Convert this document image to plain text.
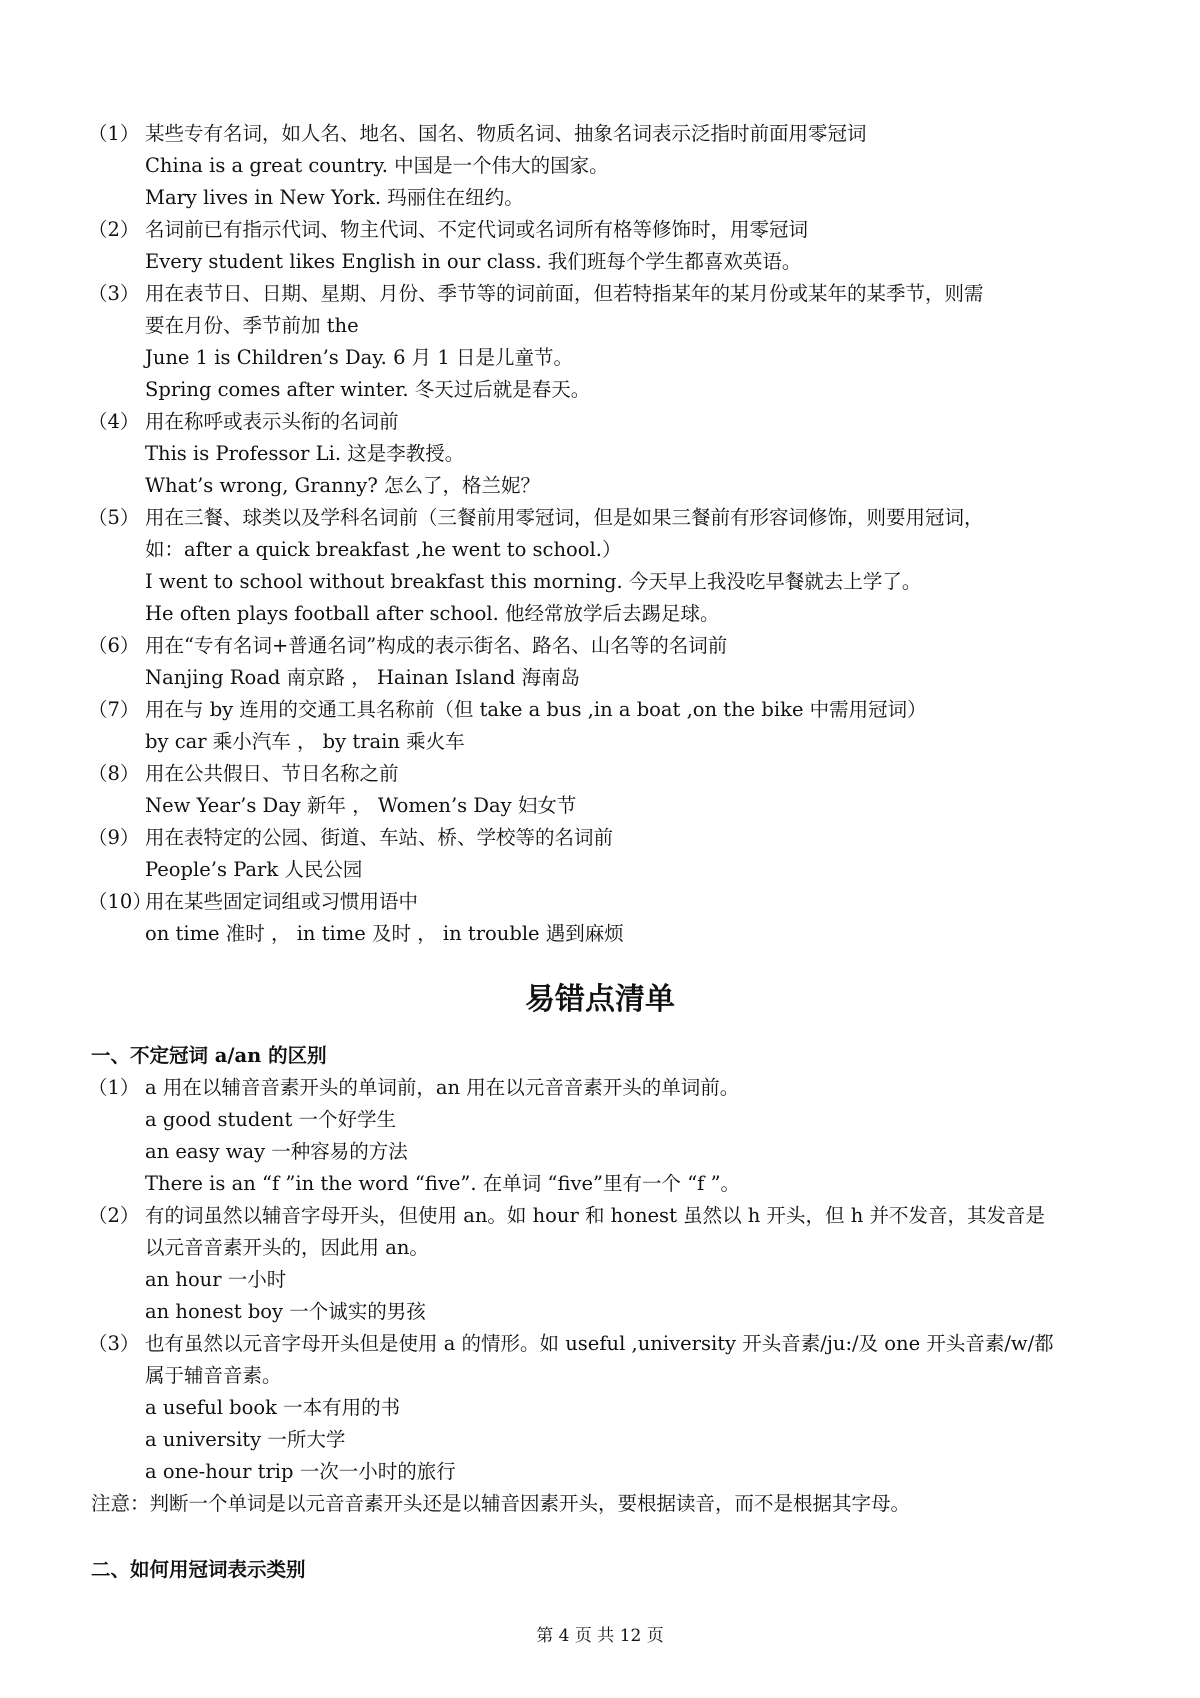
（1） 某些专有名词，如人名、地名、国名、物质名词、抽象名词表示泛指时前面用零冠词
China is a great country. 中国是一个伟大的国家。
Mary lives in New York. 玛丽住在纽约。
（2） 名词前已有指示代词、物主代词、不定代词或名词所有格等修饰时，用零冠词
Every student likes English in our class. 我们班每个学生都喜欢英语。
（3） 用在表节日、日期、星期、月份、季节等的词前面，但若特指某年的某月份或某年的某季节，则需
要在月份、季节前加 the
June 1 is Children’s Day. 6 月 1 日是儿童节。
Spring comes after winter. 冬天过后就是春天。
（4） 用在称呼或表示头衔的名词前
This is Professor Li. 这是李教授。
What’s wrong, Granny? 怎么了，格兰妮？
（5） 用在三餐、球类以及学科名词前（三餐前用零冠词，但是如果三餐前有形容词修饰，则要用冠词，
如：after a quick breakfast ,he went to school.）
I went to school without breakfast this morning. 今天早上我没吃早餐就去上学了。
He often plays football after school. 他经常放学后去踢足球。
（6） 用在“专有名词+普通名词”构成的表示街名、路名、山名等的名词前
Nanjing Road 南京路 ， Hainan Island 海南岛
（7） 用在与 by 连用的交通工具名称前（但 take a bus ,in a boat ,on the bike 中需用冠词）
by car 乘小汽车 ， by train 乘火车
（8） 用在公共假日、节日名称之前
New Year’s Day 新年 ， Women’s Day 妇女节
（9） 用在表特定的公园、街道、车站、桥、学校等的名词前
People’s Park 人民公园
（10）
用在某些固定词组或习惯用语中
on time 准时 ， in time 及时 ， in trouble 遇到麻烦
易错点清单
一、不定冠词 a/an 的区别
（1） a 用在以辅音音素开头的单词前，an 用在以元音音素开头的单词前。
a good student 一个好学生
an easy way 一种容易的方法
There is an “f ”in the word “five”. 在单词 “five”里有一个 “f ”。
（2） 有的词虽然以辅音字母开头，但使用 an。如 hour 和 honest 虽然以 h 开头，但 h 并不发音，其发音是
以元音音素开头的，因此用 an。
an hour 一小时
an honest boy 一个诚实的男孩
（3） 也有虽然以元音字母开头但是使用 a 的情形。如 useful ,university 开头音素/ju:/及 one 开头音素/w/都
属于辅音音素。
a useful book 一本有用的书
a university 一所大学
a one-hour trip 一次一小时的旅行
注意：判断一个单词是以元音音素开头还是以辅音因素开头，要根据读音，而不是根据其字母。
二、如何用冠词表示类别
第 4 页 共 12 页
